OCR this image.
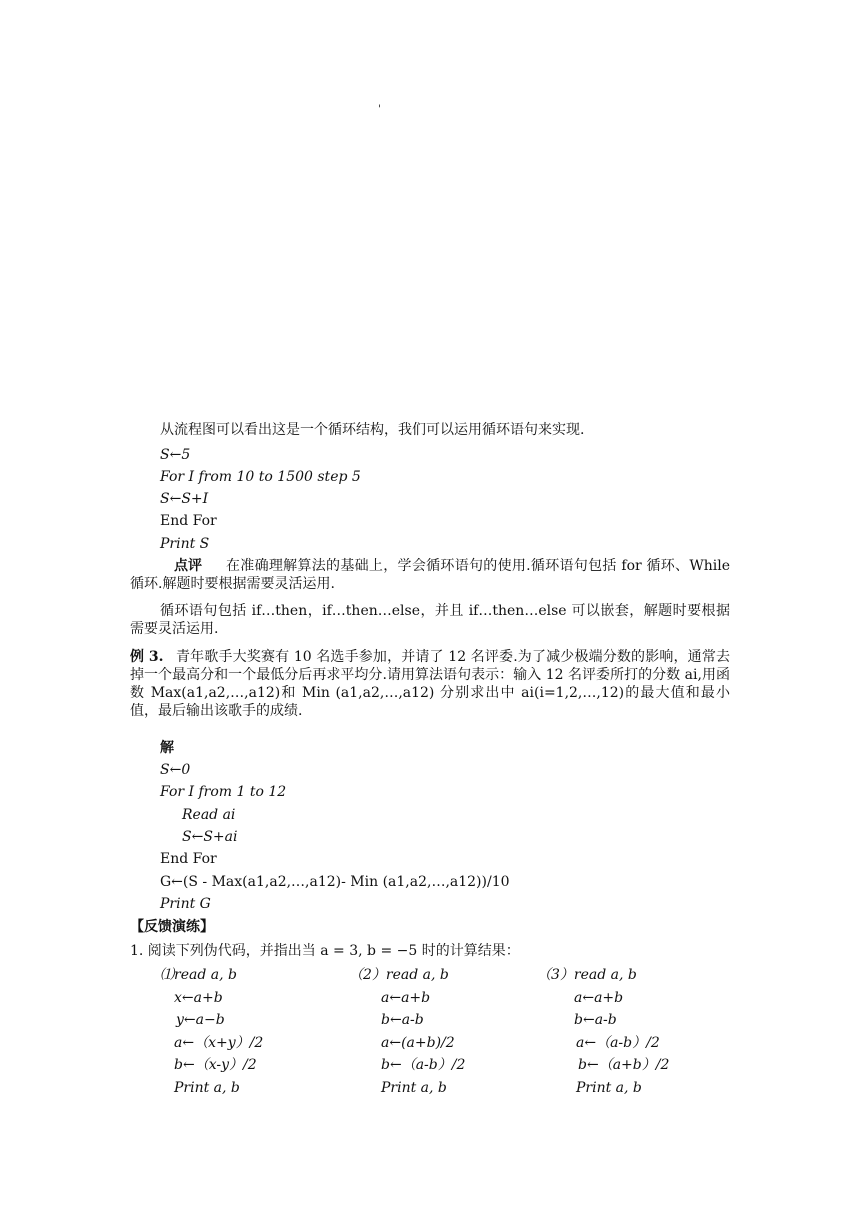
'
从流程图可以看出这是一个循环结构，我们可以运用循环语句来实现.
S←5
For I from 10 to 1500 step 5
S←S+I
End For
Print S
点评	在准确理解算法的基础上，学会循环语句的使用.循环语句包括 for 循环、While 循环.解题时要根据需要灵活运用.
循环语句包括 if…then，if…then…else，并且 if…then…else 可以嵌套，解题时要根据需要灵活运用.
例 3. 青年歌手大奖赛有 10 名选手参加，并请了 12 名评委.为了减少极端分数的影响，通常去掉一个最高分和一个最低分后再求平均分.请用算法语句表示：输入 12 名评委所打的分数 ai,用函数 Max(a1,a2,…,a12)和 Min (a1,a2,…,a12) 分别求出中 ai(i=1,2,…,12)的最大值和最小值，最后输出该歌手的成绩.
解
S←0
For I from 1 to 12
Read ai
S←S+ai
End For
G←(S - Max(a1,a2,…,a12)- Min (a1,a2,…,a12))/10
Print G
【反馈演练】
1. 阅读下列伪代码，并指出当 a = 3, b = −5 时的计算结果：
⑴read a, b
x←a+b
y←a−b
a←（x+y）/2
b←（x-y）/2
Print a, b
（2）read a, b
a←a+b
b←a-b
a←(a+b)/2
b←（a-b）/2
Print a, b
（3）read a, b
a←a+b
b←a-b
a←（a-b）/2
b←（a+b）/2
Print a, b
